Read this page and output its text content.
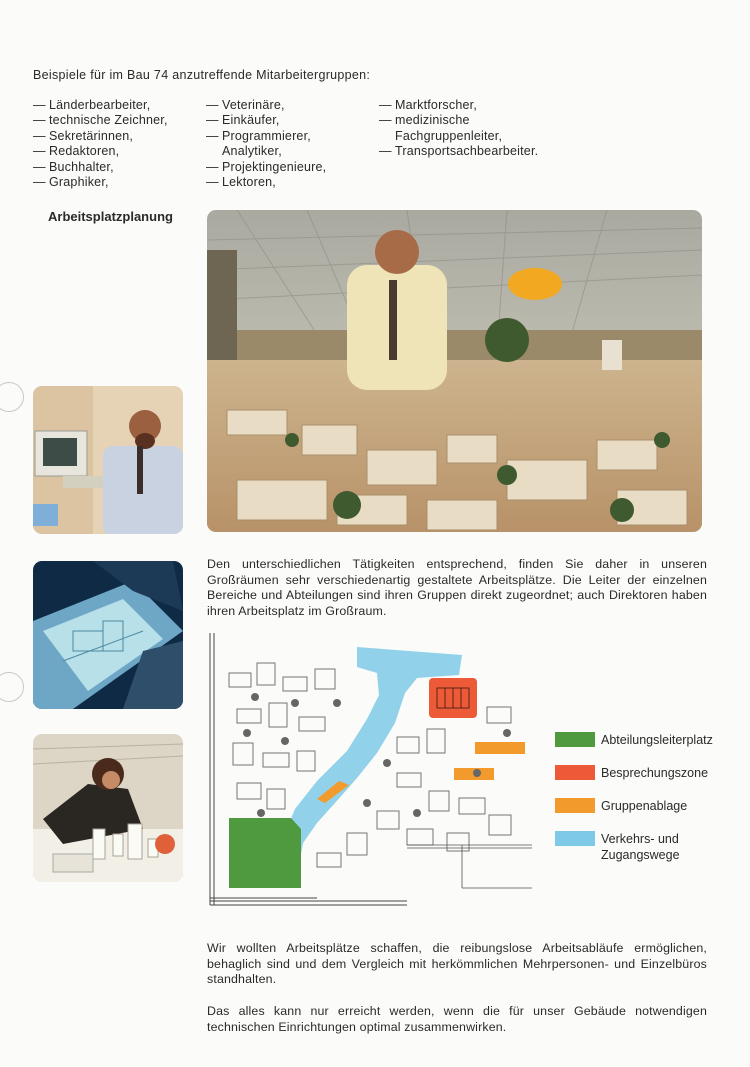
Beispiele für im Bau 74 anzutreffende Mitarbeitergruppen:
— Länderbearbeiter,
— technische Zeichner,
— Sekretärinnen,
— Redaktoren,
— Buchhalter,
— Graphiker,
— Veterinäre,
— Einkäufer,
— Programmierer,
Analytiker,
— Projektingenieure,
— Lektoren,
— Marktforscher,
— medizinische
Fachgruppenleiter,
— Transportsachbearbeiter.
Arbeitsplatzplanung
Den unterschiedlichen Tätigkeiten entsprechend, finden Sie daher in unseren Großräumen sehr verschiedenartig gestaltete Arbeitsplätze. Die Leiter der einzelnen Bereiche und Abteilungen sind ihren Gruppen direkt zugeordnet; auch Direktoren haben ihren Arbeitsplatz im Großraum.
Abteilungsleiterplatz
Besprechungszone
Gruppenablage
Verkehrs- und Zugangswege
Wir wollten Arbeitsplätze schaffen, die reibungslose Arbeitsabläufe ermöglichen, behaglich sind und dem Vergleich mit herkömmlichen Mehrpersonen- und Einzelbüros standhalten.
Das alles kann nur erreicht werden, wenn die für unser Gebäude notwendigen technischen Einrichtungen optimal zusammenwirken.
